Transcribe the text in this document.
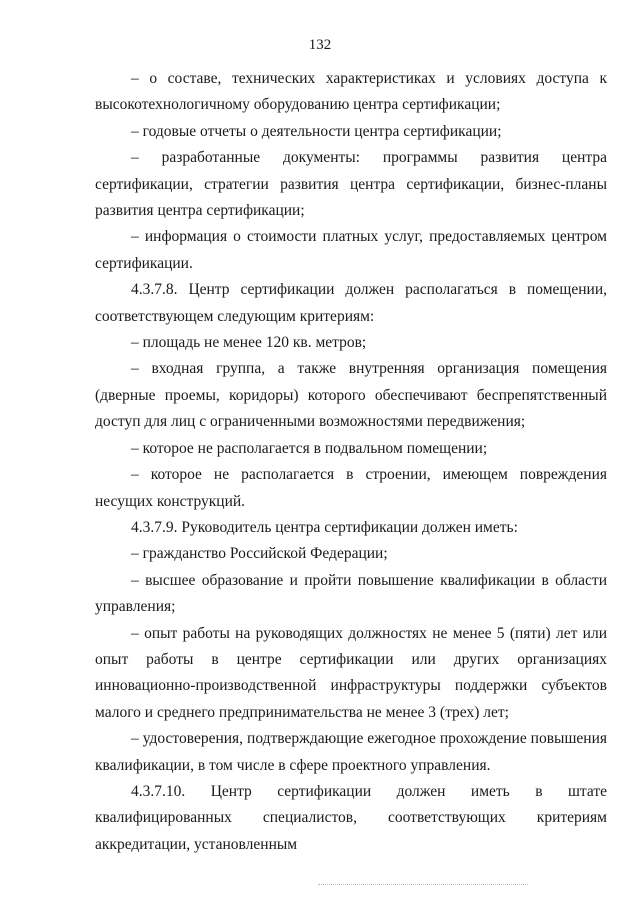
132

– о составе, технических характеристиках и условиях доступа к высокотехнологичному оборудованию центра сертификации;

– годовые отчеты о деятельности центра сертификации;

– разработанные документы: программы развития центра сертификации, стратегии развития центра сертификации, бизнес-планы развития центра сертификации;

– информация о стоимости платных услуг, предоставляемых центром сертификации.

4.3.7.8. Центр сертификации должен располагаться в помещении, соответствующем следующим критериям:

– площадь не менее 120 кв. метров;

– входная группа, а также внутренняя организация помещения (дверные проемы, коридоры) которого обеспечивают беспрепятственный доступ для лиц с ограниченными возможностями передвижения;

– которое не располагается в подвальном помещении;

– которое не располагается в строении, имеющем повреждения несущих конструкций.

4.3.7.9. Руководитель центра сертификации должен иметь:

– гражданство Российской Федерации;

– высшее образование и пройти повышение квалификации в области управления;

– опыт работы на руководящих должностях не менее 5 (пяти) лет или опыт работы в центре сертификации или других организациях инновационно-производственной инфраструктуры поддержки субъектов малого и среднего предпринимательства не менее 3 (трех) лет;

– удостоверения, подтверждающие ежегодное прохождение повышения квалификации, в том числе в сфере проектного управления.

4.3.7.10. Центр сертификации должен иметь в штате квалифицированных специалистов, соответствующих критериям аккредитации, установленным
